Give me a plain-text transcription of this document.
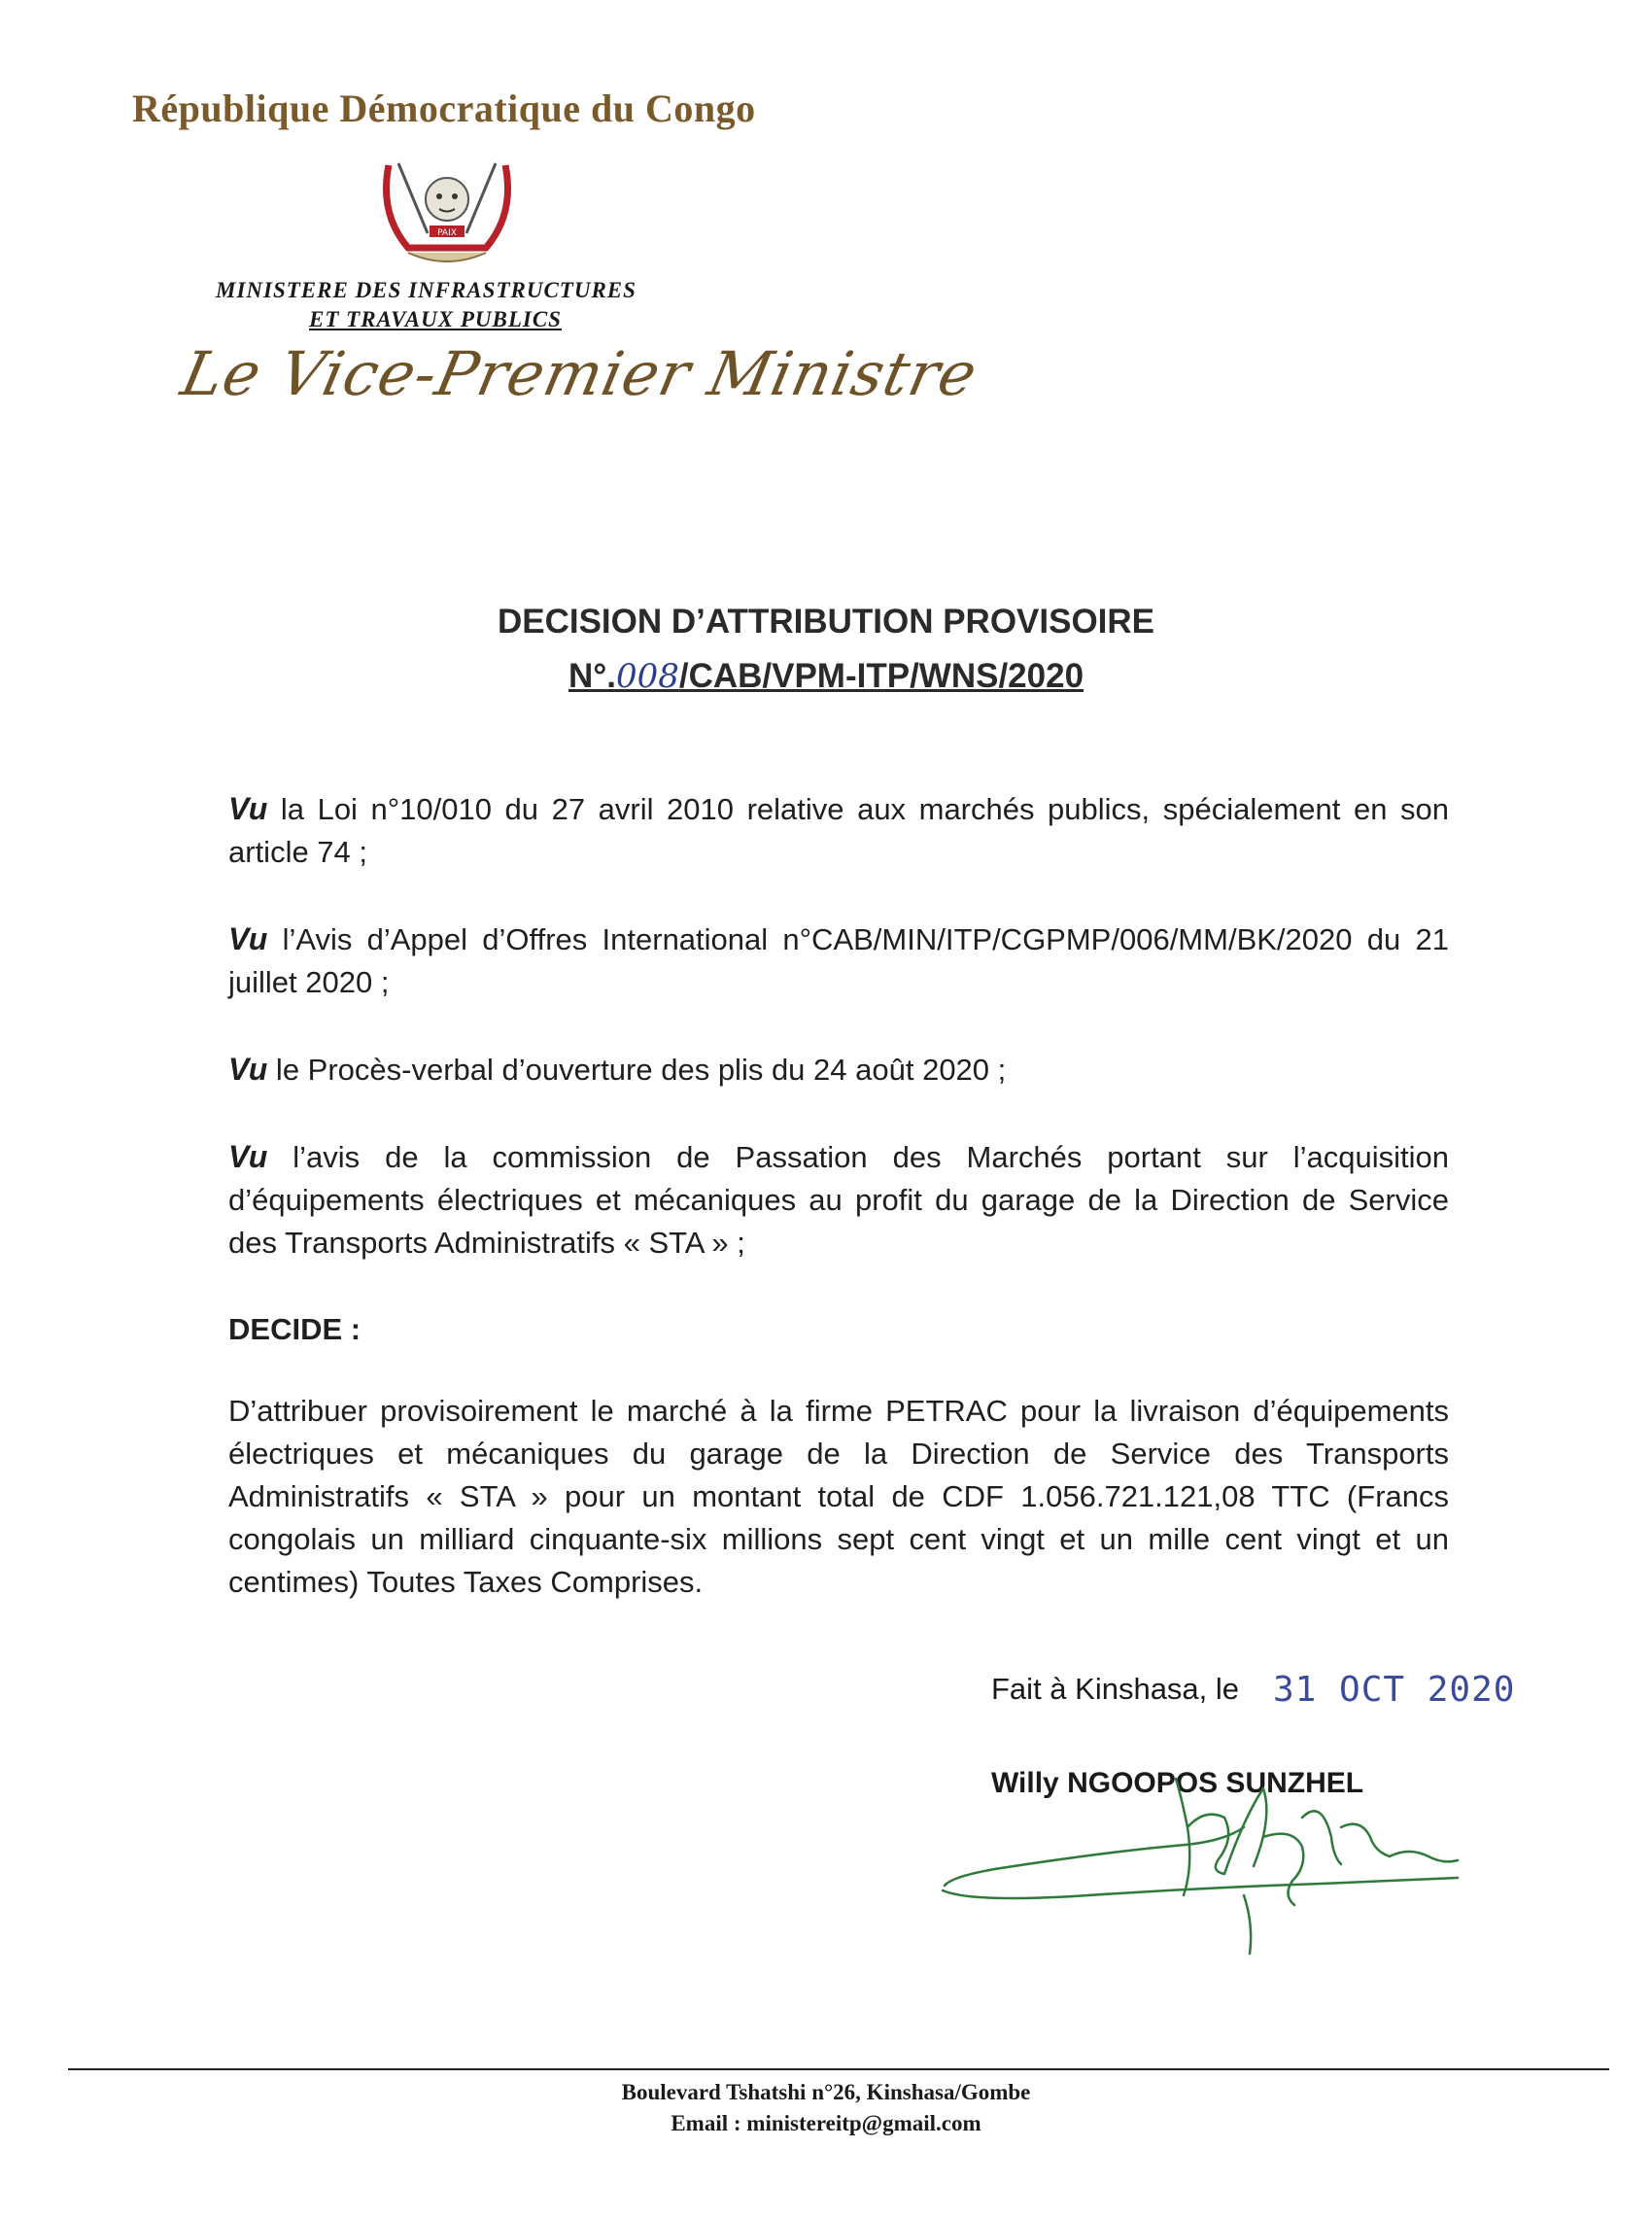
République Démocratique du Congo
PAIX
MINISTERE DES INFRASTRUCTURES
ET TRAVAUX PUBLICS
Le Vice-Premier Ministre
DECISION D’ATTRIBUTION PROVISOIRE
N°.008/CAB/VPM-ITP/WNS/2020

Vu la Loi n°10/010 du 27 avril 2010 relative aux marchés publics, spécialement en son article 74 ;

Vu l’Avis d’Appel d’Offres International n°CAB/MIN/ITP/CGPMP/006/MM/BK/2020 du 21 juillet 2020 ;

Vu le Procès-verbal d’ouverture des plis du 24 août 2020 ;

Vu l’avis de la commission de Passation des Marchés portant sur l’acquisition d’équipements électriques et mécaniques au profit du garage de la Direction de Service des Transports Administratifs « STA » ;

DECIDE :

D’attribuer provisoirement le marché à la firme PETRAC pour la livraison d’équipements électriques et mécaniques du garage de la Direction de Service des Transports Administratifs « STA » pour un montant total de CDF 1.056.721.121,08 TTC (Francs congolais un milliard cinquante-six millions sept cent vingt et un mille cent vingt et un centimes) Toutes Taxes Comprises.

Fait à Kinshasa, le 31 OCT 2020
Willy NGOOPOS SUNZHEL
Boulevard Tshatshi n°26, Kinshasa/Gombe
Email : ministereitp@gmail.com
